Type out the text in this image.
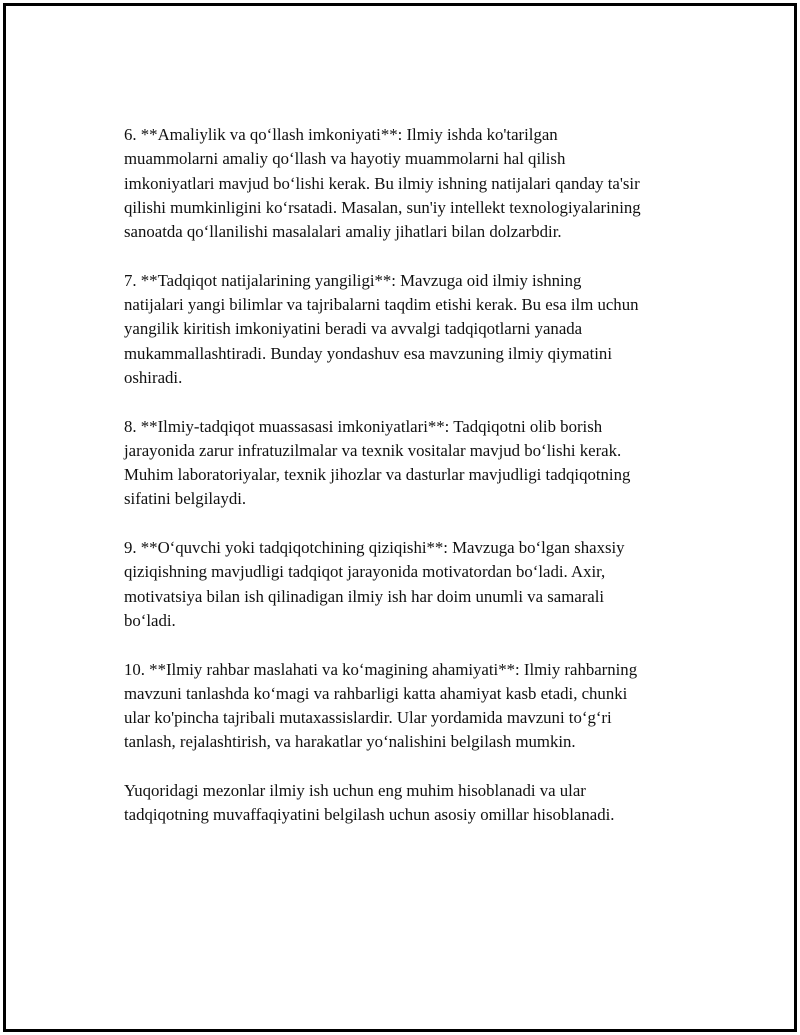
6. **Amaliylik va qo‘llash imkoniyati**: Ilmiy ishda ko'tarilgan
muammolarni amaliy qo‘llash va hayotiy muammolarni hal qilish
imkoniyatlari mavjud bo‘lishi kerak. Bu ilmiy ishning natijalari qanday ta'sir
qilishi mumkinligini ko‘rsatadi. Masalan, sun'iy intellekt texnologiyalarining
sanoatda qo‘llanilishi masalalari amaliy jihatlari bilan dolzarbdir.

7. **Tadqiqot natijalarining yangiligi**: Mavzuga oid ilmiy ishning
natijalari yangi bilimlar va tajribalarni taqdim etishi kerak. Bu esa ilm uchun
yangilik kiritish imkoniyatini beradi va avvalgi tadqiqotlarni yanada
mukammallashtiradi. Bunday yondashuv esa mavzuning ilmiy qiymatini
oshiradi.

8. **Ilmiy-tadqiqot muassasasi imkoniyatlari**: Tadqiqotni olib borish
jarayonida zarur infratuzilmalar va texnik vositalar mavjud bo‘lishi kerak.
Muhim laboratoriyalar, texnik jihozlar va dasturlar mavjudligi tadqiqotning
sifatini belgilaydi.

9. **O‘quvchi yoki tadqiqotchining qiziqishi**: Mavzuga bo‘lgan shaxsiy
qiziqishning mavjudligi tadqiqot jarayonida motivatordan bo‘ladi. Axir,
motivatsiya bilan ish qilinadigan ilmiy ish har doim unumli va samarali
bo‘ladi.

10. **Ilmiy rahbar maslahati va ko‘magining ahamiyati**: Ilmiy rahbarning
mavzuni tanlashda ko‘magi va rahbarligi katta ahamiyat kasb etadi, chunki
ular ko'pincha tajribali mutaxassislardir. Ular yordamida mavzuni to‘g‘ri
tanlash, rejalashtirish, va harakatlar yo‘nalishini belgilash mumkin.

Yuqoridagi mezonlar ilmiy ish uchun eng muhim hisoblanadi va ular
tadqiqotning muvaffaqiyatini belgilash uchun asosiy omillar hisoblanadi.
